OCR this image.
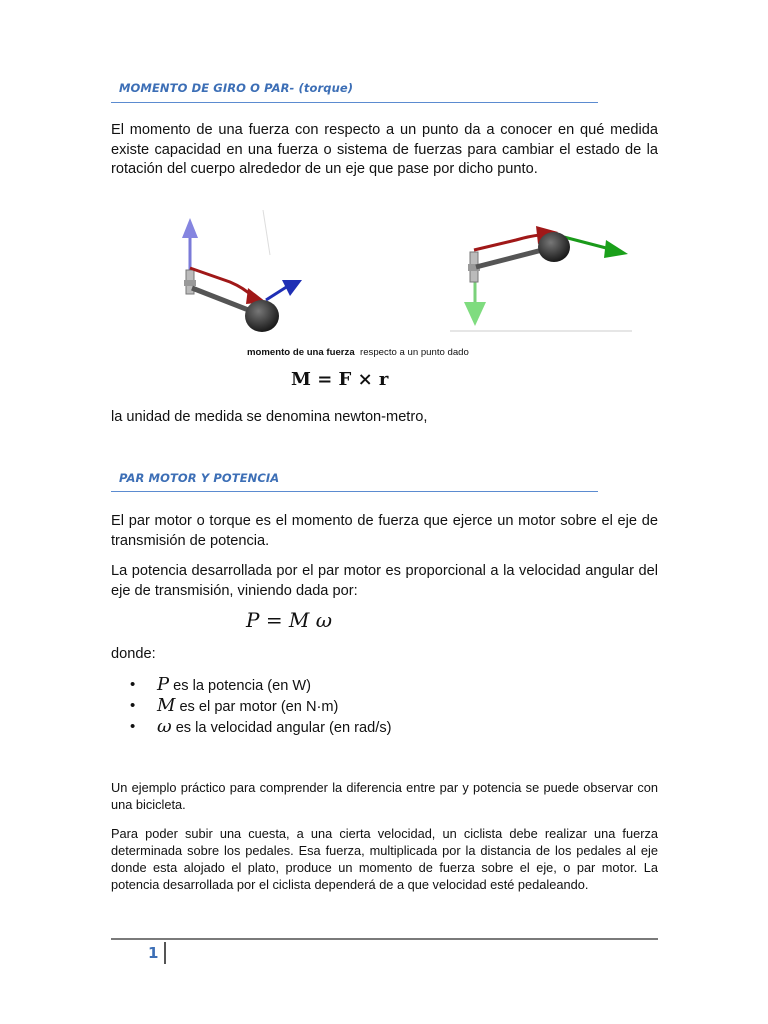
MOMENTO DE GIRO O PAR- (torque)

El momento de una fuerza con respecto a un punto da a conocer en qué medida existe capacidad en una fuerza o sistema de fuerzas para cambiar el estado de la rotación del cuerpo alrededor de un eje que pase por dicho punto.

momento de una fuerza  respecto a un punto dado
M = F × r

la unidad de medida se denomina newton-metro,

PAR MOTOR Y POTENCIA

El par motor o torque es el momento de fuerza que ejerce un motor sobre el eje de transmisión de potencia.

La potencia desarrollada por el par motor es proporcional a la velocidad angular del eje de transmisión, viniendo dada por:

P = M ω

donde:

• P es la potencia (en W)
• M es el par motor (en N·m)
• ω es la velocidad angular (en rad/s)

Un ejemplo práctico para comprender la diferencia entre par y potencia se puede observar con una bicicleta.

Para poder subir una cuesta, a una cierta velocidad, un ciclista debe realizar una fuerza determinada sobre los pedales. Esa fuerza, multiplicada por la distancia de los pedales al eje donde esta alojado el plato, produce un momento de fuerza sobre el eje, o par motor. La potencia desarrollada por el ciclista dependerá de a que velocidad esté pedaleando.

1
